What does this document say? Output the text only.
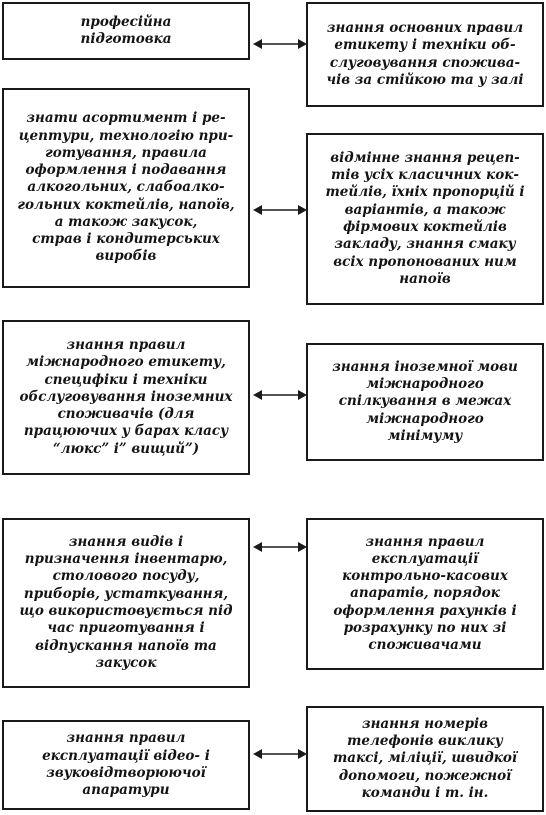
професійна
підготовка
знання основних правил
етикету і техніки об-
слуговування спожива-
чів за стійкою та у залі
знати асортимент і ре-
цептури, технологію при-
готування, правила
оформлення і подавання
алкогольних, слабоалко-
гольних коктейлів, напоїв,
а також закусок,
страв і кондитерських
виробів
відмінне знання рецеп-
тів усіх класичних кок-
тейлів, їхніх пропорцій і
варіантів, а також
фірмових коктейлів
закладу, знання смаку
всіх пропонованих ним
напоїв
знання правил
міжнародного етикету,
специфіки і техніки
обслуговування іноземних
споживачів (для
працюючих у барах класу
“люкс” і” вищий”)
знання іноземної мови
міжнародного
спілкування в межах
міжнародного
мінімуму
знання видів і
призначення інвентарю,
столового посуду,
приборів, устаткування,
що використовується під
час приготування і
відпускання напоїв та
закусок
знання правил
експлуатації
контрольно-касових
апаратів, порядок
оформлення рахунків і
розрахунку по них зі
споживачами
знання правил
експлуатації відео- і
звуковідтворюючої
апаратури
знання номерів
телефонів виклику
таксі, міліції, швидкої
допомоги, пожежної
команди і т. ін.
